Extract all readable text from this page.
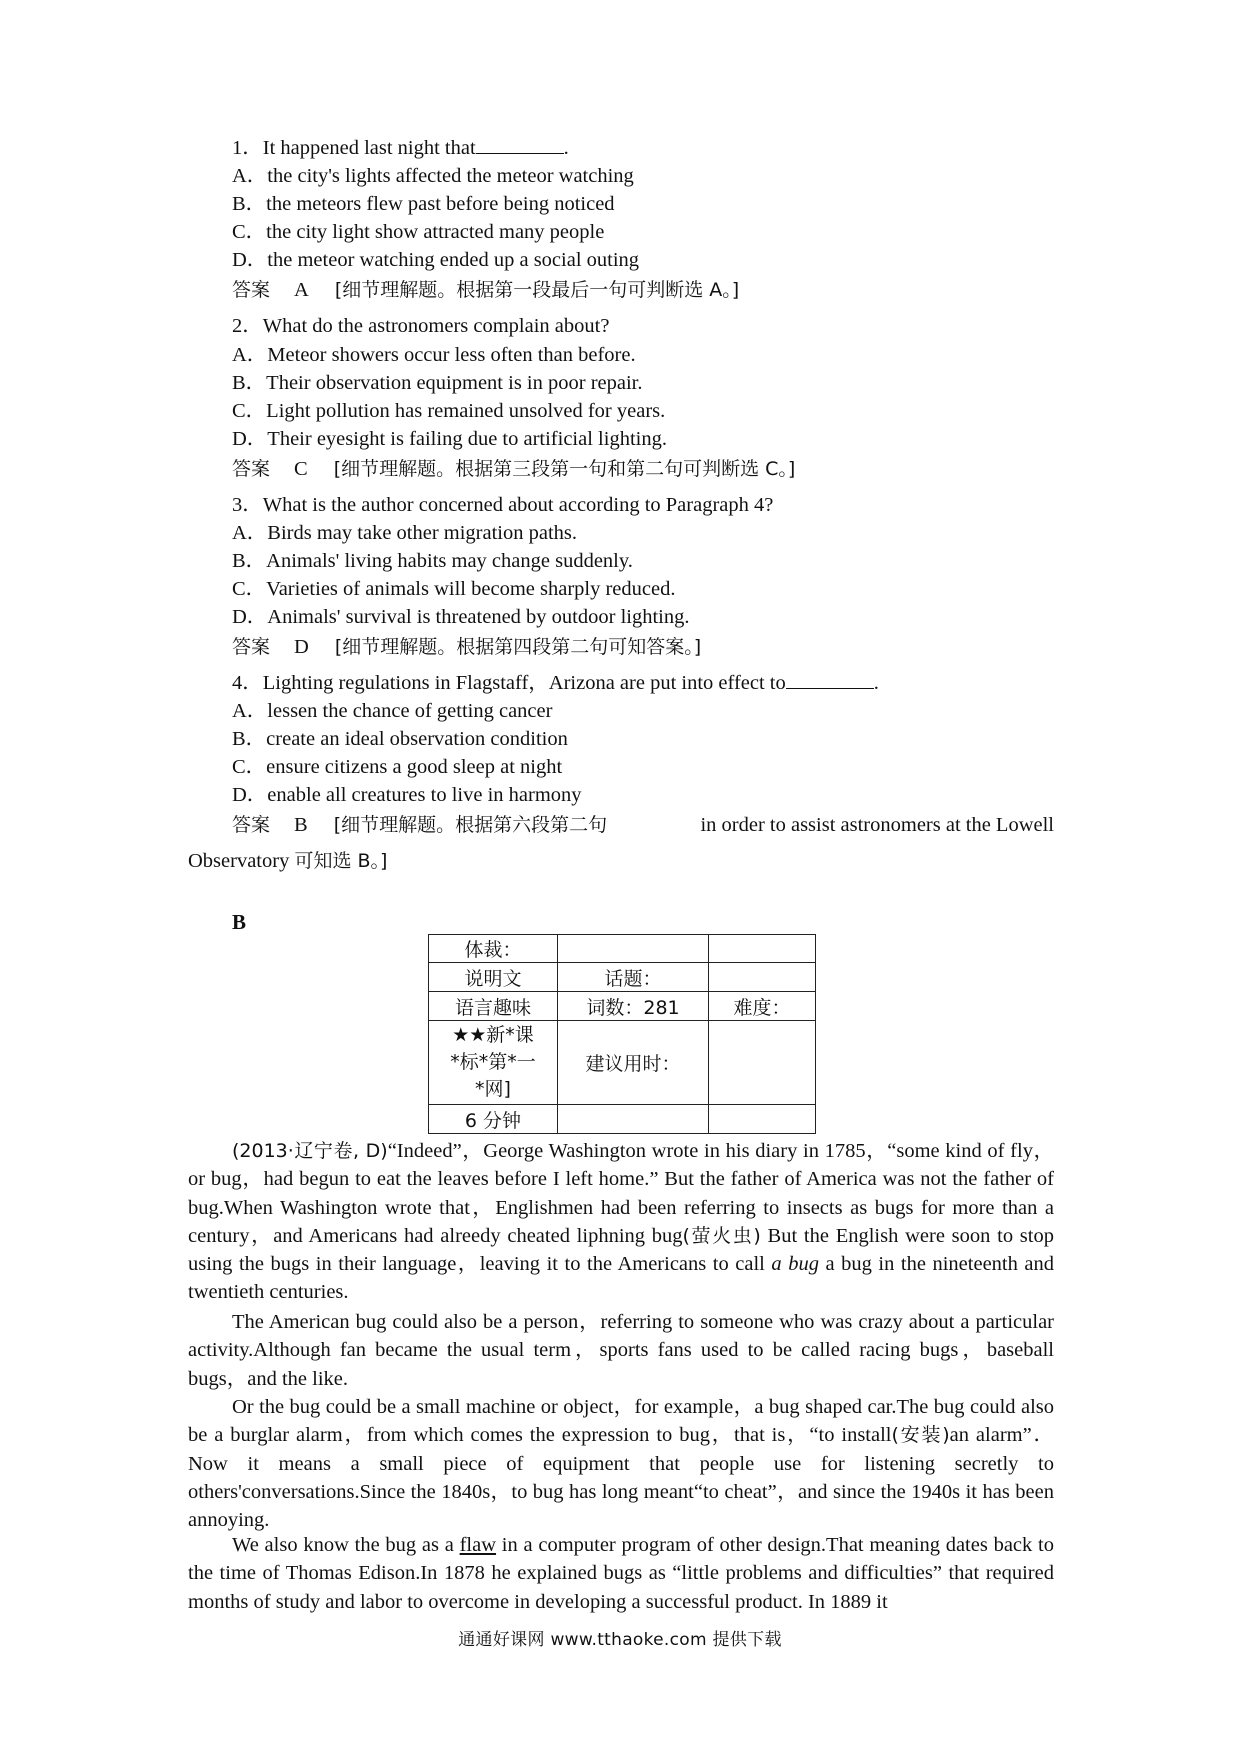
1．It happened last night that	.
A．the city's lights affected the meteor watching
B．the meteors flew past before being noticed
C．the city light show attracted many people
D．the meteor watching ended up a social outing
答案 A [细节理解题。根据第一段最后一句可判断选 A。]
2．What do the astronomers complain about?
A．Meteor showers occur less often than before.
B．Their observation equipment is in poor repair.
C．Light pollution has remained unsolved for years.
D．Their eyesight is failing due to artificial lighting.
答案 C [细节理解题。根据第三段第一句和第二句可判断选 C。]
3．What is the author concerned about according to Paragraph 4?
A．Birds may take other migration paths.
B．Animals' living habits may change suddenly.
C．Varieties of animals will become sharply reduced.
D．Animals' survival is threatened by outdoor lighting.
答案 D [细节理解题。根据第四段第二句可知答案。]
4．Lighting regulations in Flagstaff，Arizona are put into effect to	.
A．lessen the chance of getting cancer
B．create an ideal observation condition
C．ensure citizens a good sleep at night
D．enable all creatures to live in harmony
答案 B [细节理解题。根据第六段第二句	in order to assist astronomers at the Lowell
Observatory 可知选 B。]
B
体裁：		
说明文	话题：	
语言趣味	词数：281	难度：

★★新*课
*标*第*一
*网]	建议用时：	
6 分钟		
(2013·辽宁卷, D)“Indeed”，George Washington wrote in his diary in 1785，“some kind of fly，or bug，had begun to eat the leaves before I left home.” But the father of America was not the father of bug.When Washington wrote that，Englishmen had been referring to insects as bugs for more than a century，and Americans had alreedy cheated liphning bug(萤火虫) But the English were soon to stop using the bugs in their language，leaving it to the Americans to call a bug a bug in the nineteenth and twentieth centuries.
The American bug could also be a person，referring to someone who was crazy about a particular activity.Although fan became the usual term，sports fans used to be called racing bugs，baseball bugs，and the like.
Or the bug could be a small machine or object，for example，a bug shaped car.The bug could also be a burglar alarm，from which comes the expression to bug，that is，“to install(安装)an alarm”．Now it means a small piece of equipment that people use for listening secretly to others'conversations.Since the 1840s，to bug has long meant“to cheat”，and since the 1940s it has been annoying.
We also know the bug as a flaw in a computer program of other design.That meaning dates back to the time of Thomas Edison.In 1878 he explained bugs as “little problems and difficulties” that required months of study and labor to overcome in developing a successful product. In 1889 it
通通好课网 www.tthaoke.com 提供下载
